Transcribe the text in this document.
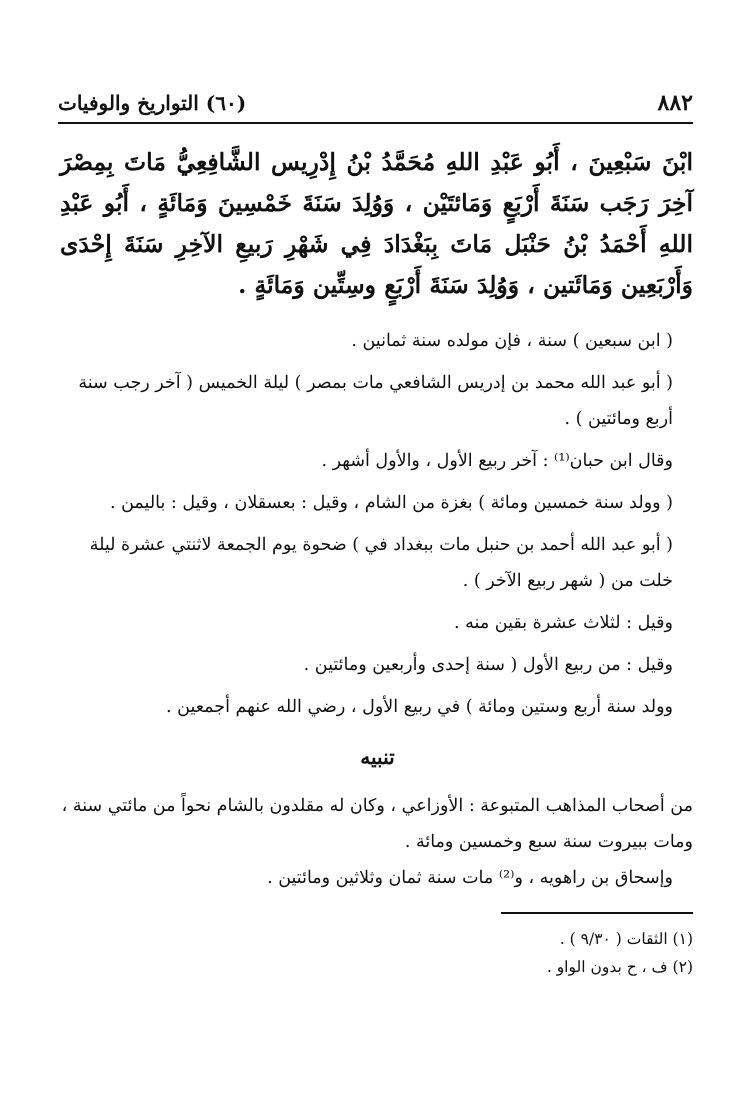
٨٨٢
(٦٠) التواريخ والوفيات
ابْنَ سَبْعِينَ ، أَبُو عَبْدِ اللهِ مُحَمَّدُ بْنُ إِدْرِيس الشَّافِعِيُّ مَاتَ بِمِصْرَ آخِرَ رَجَب سَنَةَ أَرْبَعٍ وَمَائتَيْن ، وَوُلِدَ سَنَةَ خَمْسِينَ وَمَائَةٍ ، أَبُو عَبْدِ اللهِ أَحْمَدُ بْنُ حَنْبَل مَاتَ بِبَغْدَادَ فِي شَهْرِ رَبيعِ الآخِرِ سَنَةَ إِحْدَى وَأَرْبَعِين وَمَائَتين ، وَوُلِدَ سَنَةَ أَرْبَعٍ وسِتِّين وَمَائَةٍ .

( ابن سبعين ) سنة ، فإن مولده سنة ثمانين .

( أبو عبد الله محمد بن إدريس الشافعي مات بمصر ) ليلة الخميس ( آخر رجب سنة أربع ومائتين ) .

وقال ابن حبان⁽¹⁾ : آخر ربيع الأول ، والأول أشهر .

( وولد سنة خمسين ومائة ) بغزة من الشام ، وقيل : بعسقلان ، وقيل : باليمن .

( أبو عبد الله أحمد بن حنبل مات ببغداد في ) ضحوة يوم الجمعة لاثنتي عشرة ليلة خلت من ( شهر ربيع الآخر ) .

وقيل : لثلاث عشرة بقين منه .

وقيل : من ربيع الأول ( سنة إحدى وأربعين ومائتين .

وولد سنة أربع وستين ومائة ) في ربيع الأول ، رضي الله عنهم أجمعين .

تنبيه

من أصحاب المذاهب المتبوعة : الأوزاعي ، وكان له مقلدون بالشام نحواً من مائتي سنة ، ومات ببيروت سنة سبع وخمسين ومائة .

وإسحاق بن راهويه ، و⁽²⁾ مات سنة ثمان وثلاثين ومائتين .

(١) الثقات ( ٩/٣٠ ) .

(٢) ف ، ح بدون الواو .
